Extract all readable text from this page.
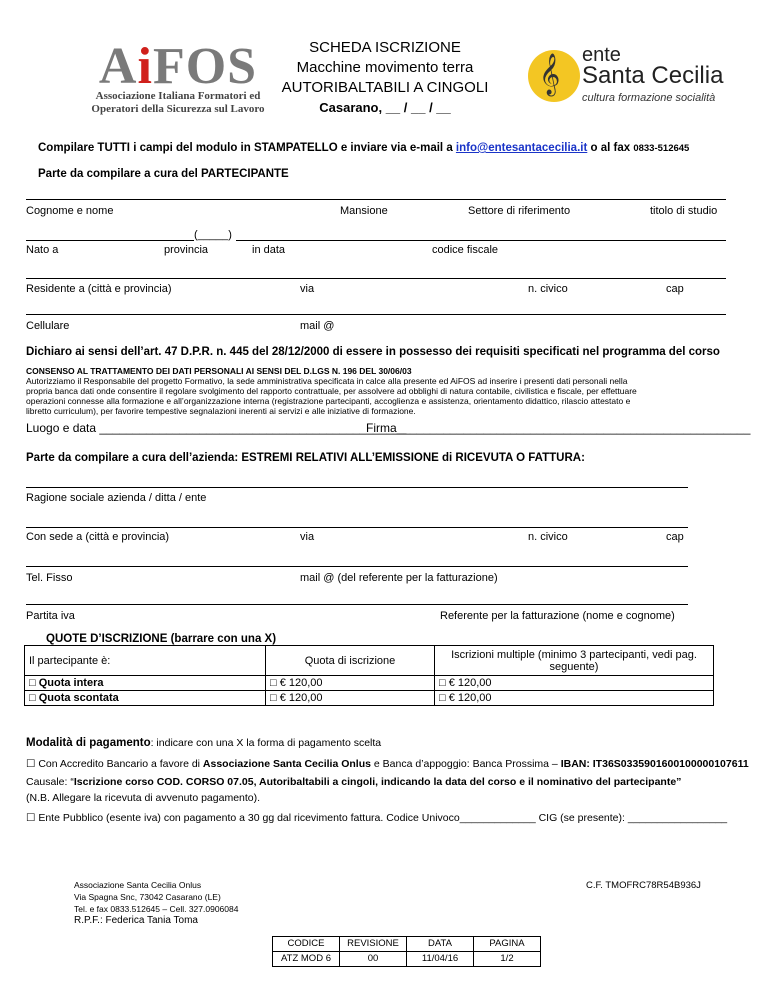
AiFOS
Associazione Italiana Formatori ed
Operatori della Sicurezza sul Lavoro
SCHEDA ISCRIZIONE
Macchine movimento terra
AUTORIBALTABILI A CINGOLI
Casarano, __ / __ / __
𝄞 ente
Santa Cecilia
cultura formazione socialità
Compilare TUTTI i campi del modulo in STAMPATELLO e inviare via e-mail a info@entesantacecilia.it o al fax 0833-512645
Parte da compilare a cura del PARTECIPANTE
Cognome e nome	Mansione	Settore di riferimento	titolo di studio
(_____)
Nato a	provincia	in data	codice fiscale
Residente a (città e provincia)	via	n. civico	cap
Cellulare	mail @
Dichiaro ai sensi dell’art. 47 D.P.R. n. 445 del 28/12/2000 di essere in possesso dei requisiti specificati nel programma del corso
CONSENSO AL TRATTAMENTO DEI DATI PERSONALI AI SENSI DEL D.LGS N. 196 DEL 30/06/03
Autorizziamo il Responsabile del progetto Formativo, la sede amministrativa specificata in calce alla presente ed AiFOS ad inserire i presenti dati personali nella
propria banca dati onde consentire il regolare svolgimento del rapporto contrattuale, per assolvere ad obblighi di natura contabile, civilistica e fiscale, per effettuare
operazioni connesse alla formazione e all’organizzazione interna (registrazione partecipanti, accoglienza e assistenza, orientamento didattico, rilascio attestato e
libretto curriculum), per favorire tempestive segnalazioni inerenti ai servizi e alle iniziative di formazione.
Luogo e data ______________________________________________
Firma_____________________________________________________
Parte da compilare a cura dell’azienda: ESTREMI RELATIVI ALL’EMISSIONE di RICEVUTA O FATTURA:
Ragione sociale azienda / ditta / ente
Con sede a (città e provincia)	via	n. civico	cap
Tel. Fisso	mail @ (del referente per la fatturazione)
Partita iva	Referente per la fatturazione (nome e cognome)
QUOTE D’ISCRIZIONE (barrare con una X)
Il partecipante è:	Quota di iscrizione	Iscrizioni multiple (minimo 3 partecipanti, vedi pag. seguente)
□ Quota intera	□ € 120,00	□ € 120,00
□ Quota scontata	□ € 120,00	□ € 120,00
Modalità di pagamento: indicare con una X la forma di pagamento scelta
☐ Con Accredito Bancario a favore di Associazione Santa Cecilia Onlus e Banca d’appoggio: Banca Prossima – IBAN: IT36S0335901600100000107611
Causale: “Iscrizione corso COD. CORSO 07.05, Autoribaltabili a cingoli, indicando la data del corso e il nominativo del partecipante”
(N.B. Allegare la ricevuta di avvenuto pagamento).
☐ Ente Pubblico (esente iva) con pagamento a 30 gg dal ricevimento fattura. Codice Univoco_____________ CIG (se presente): _________________
Associazione Santa Cecilia Onlus
Via Spagna Snc, 73042 Casarano (LE)
Tel. e fax 0833.512645 – Cell. 327.0906084
R.P.F.: Federica Tania Toma
C.F. TMOFRC78R54B936J
CODICE	REVISIONE	DATA	PAGINA
ATZ MOD 6	00	11/04/16	1/2
